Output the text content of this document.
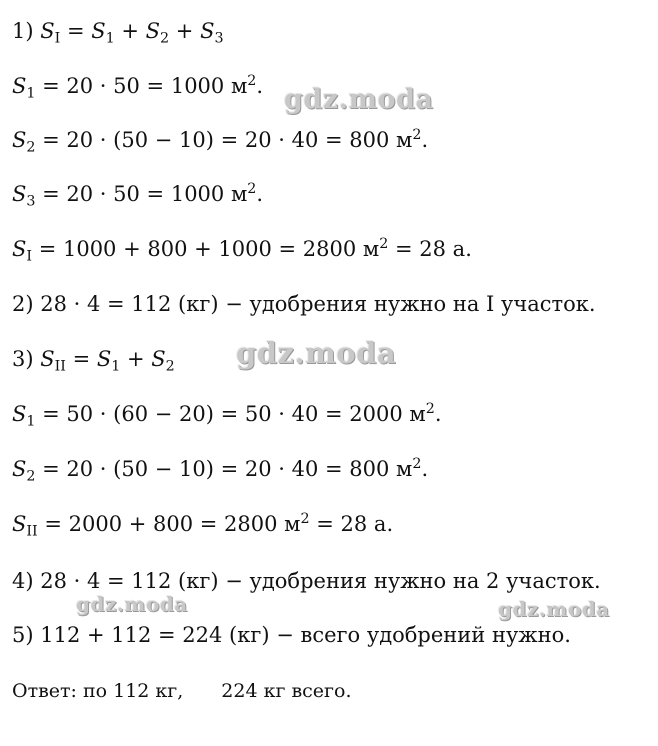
1) $S_I = S_1 + S_2 + S_3$
$S_1 = 20 \cdot 50 = 1000$ $м^2$.
$S_2 = 20 \cdot (50 - 10) = 20 \cdot 40 = 800$ $м^2$.
$S_3 = 20 \cdot 50 = 1000$ $м^2$.
$S_I = 1000 + 800 + 1000 = 2800$ $м^2 = 28$ а.
2) 28 · 4 = 112 (кг) − удобрения нужно на I участок.
3) $S_{II} = S_1 + S_2$
$S_1 = 50 \cdot (60 - 20) = 50 \cdot 40 = 2000$ $м^2$.
$S_2 = 20 \cdot (50 - 10) = 20 \cdot 40 = 800$ $м^2$.
$S_{II} = 2000 + 800 = 2800$ $м^2 = 28$ а.
4) 28 · 4 = 112 (кг) − удобрения нужно на 2 участок.
5) 112 + 112 = 224 (кг) − всего удобрений нужно.
Ответ: по 112 кг, 224 кг всего.
gdz.moda
gdz.moda
gdz.moda	gdz.moda
